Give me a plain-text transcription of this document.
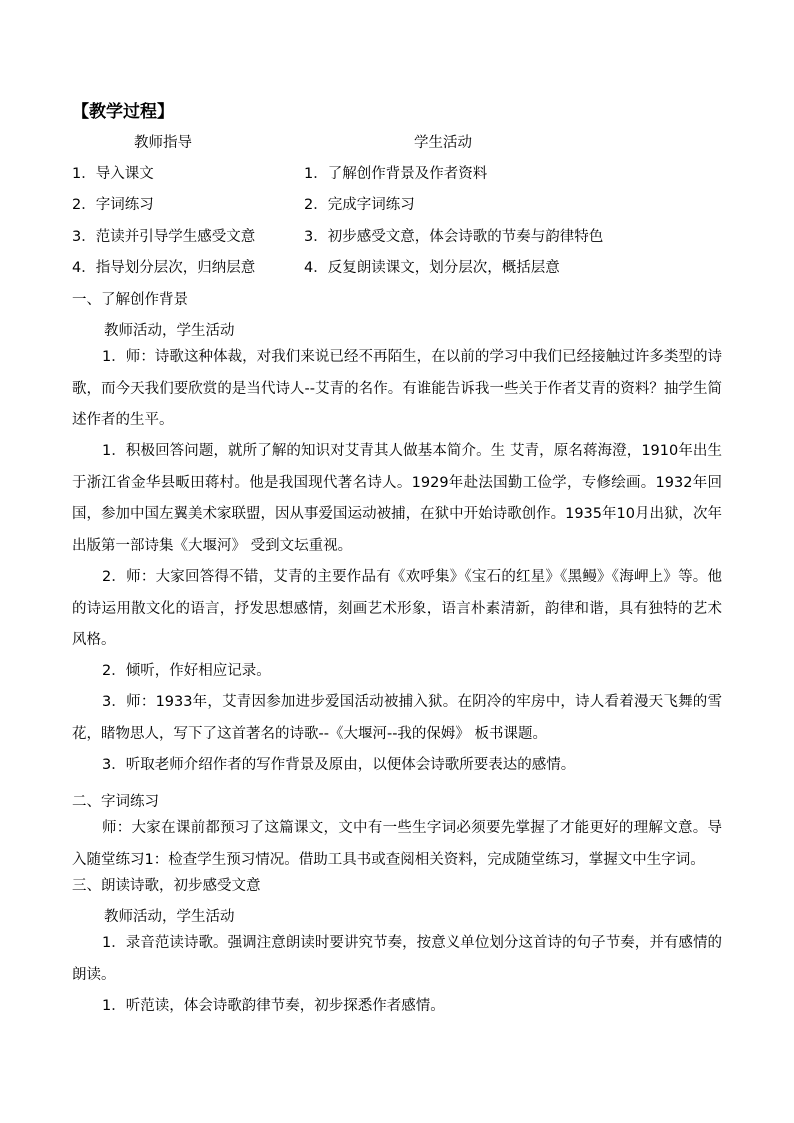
【教学过程】
教师指导	学生活动
1．导入课文	1．了解创作背景及作者资料
2．字词练习	2．完成字词练习
3．范读并引导学生感受文意	3．初步感受文意，体会诗歌的节奏与韵律特色
4．指导划分层次，归纳层意	4．反复朗读课文，划分层次，概括层意
一、了解创作背景
教师活动，学生活动
1．师：诗歌这种体裁，对我们来说已经不再陌生，在以前的学习中我们已经接触过许多类型的诗歌，而今天我们要欣赏的是当代诗人--艾青的名作。有谁能告诉我一些关于作者艾青的资料？抽学生简述作者的生平。
1．积极回答问题，就所了解的知识对艾青其人做基本简介。生 艾青，原名蒋海澄，1910年出生于浙江省金华县畈田蒋村。他是我国现代著名诗人。1929年赴法国勤工俭学，专修绘画。1932年回国，参加中国左翼美术家联盟，因从事爱国运动被捕，在狱中开始诗歌创作。1935年10月出狱，次年出版第一部诗集《大堰河》 受到文坛重视。
2．师：大家回答得不错，艾青的主要作品有《欢呼集》《宝石的红星》《黑鳗》《海岬上》等。他的诗运用散文化的语言，抒发思想感情，刻画艺术形象，语言朴素清新，韵律和谐，具有独特的艺术风格。
2．倾听，作好相应记录。
3．师：1933年，艾青因参加进步爱国活动被捕入狱。在阴冷的牢房中，诗人看着漫天飞舞的雪花，睹物思人，写下了这首著名的诗歌--《大堰河--我的保姆》 板书课题。
3．听取老师介绍作者的写作背景及原由，以便体会诗歌所要表达的感情。
二、字词练习
师：大家在课前都预习了这篇课文，文中有一些生字词必须要先掌握了才能更好的理解文意。导入随堂练习1：检查学生预习情况。借助工具书或查阅相关资料，完成随堂练习，掌握文中生字词。
三、朗读诗歌，初步感受文意
教师活动，学生活动
1．录音范读诗歌。强调注意朗读时要讲究节奏，按意义单位划分这首诗的句子节奏，并有感情的朗读。
1．听范读，体会诗歌韵律节奏，初步探悉作者感情。
